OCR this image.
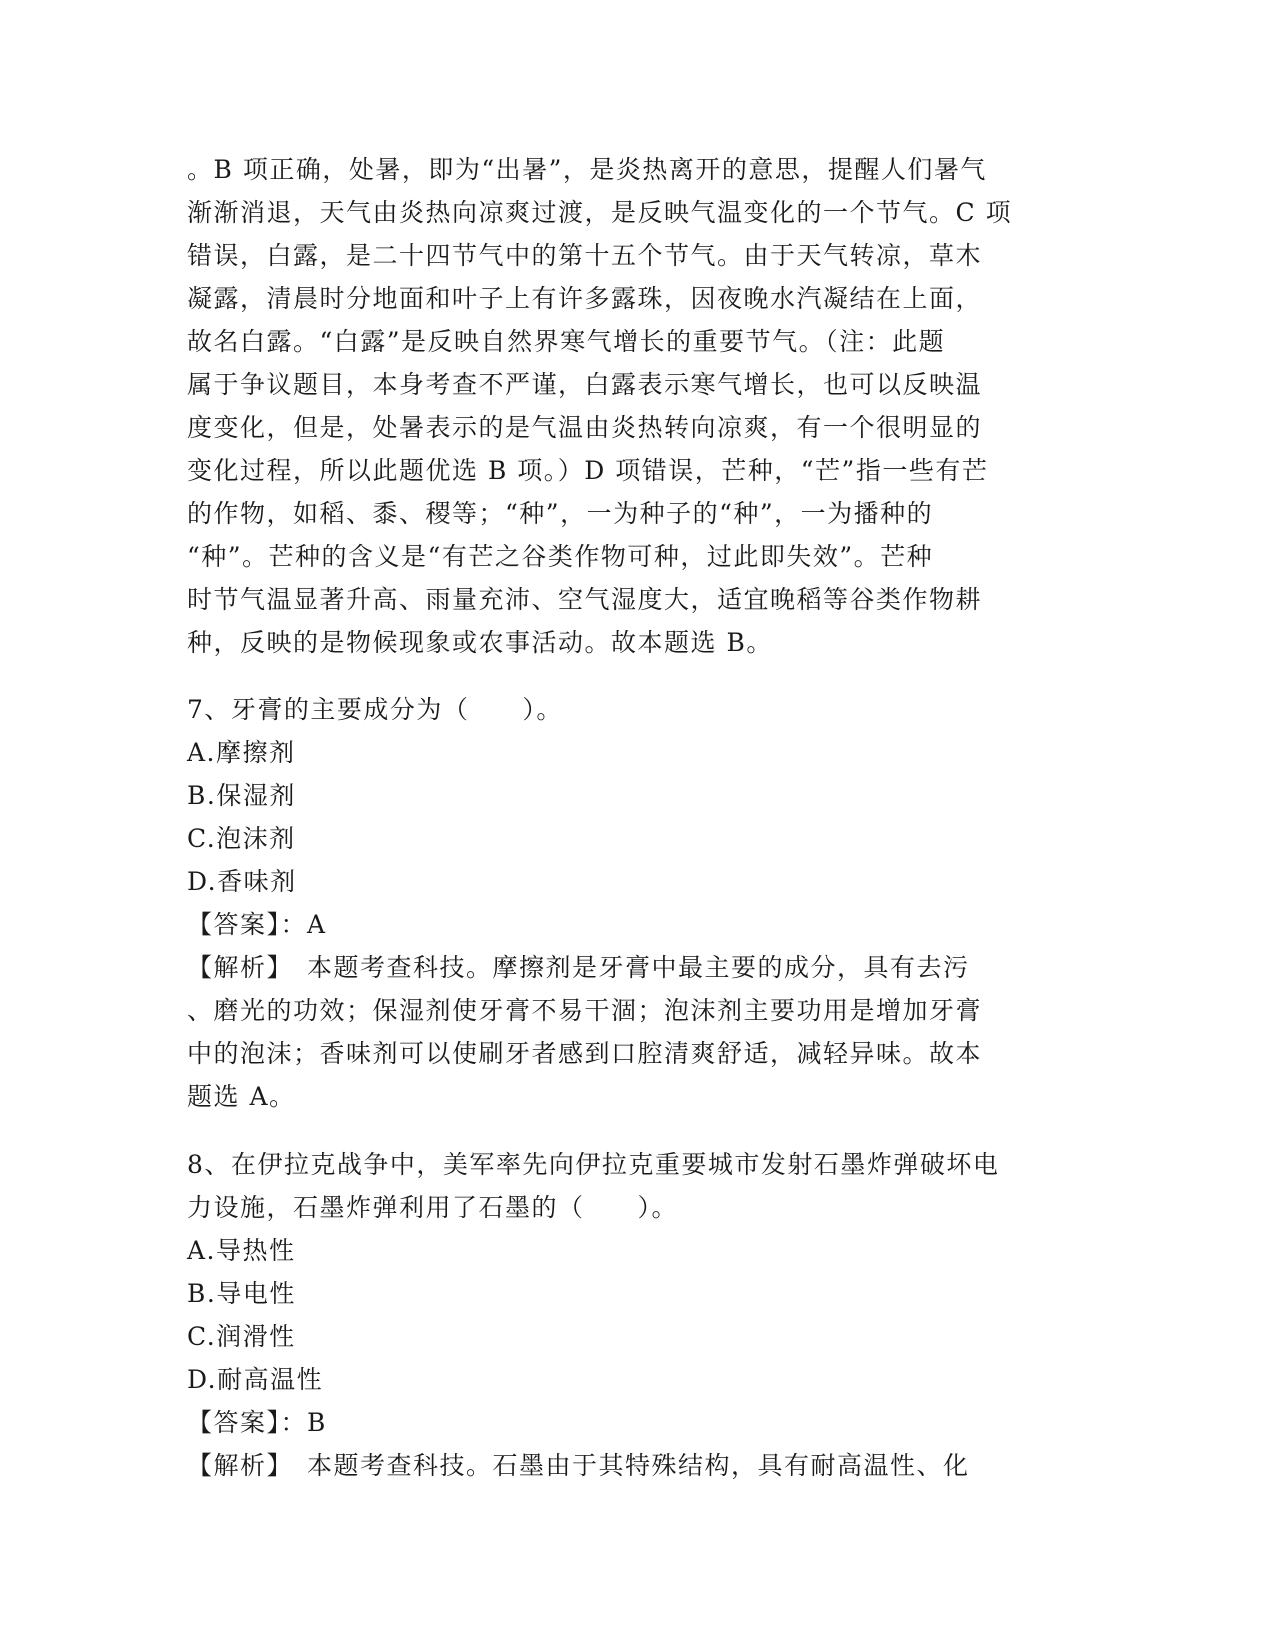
。B 项正确，处暑，即为“出暑”，是炎热离开的意思，提醒人们暑气
渐渐消退，天气由炎热向凉爽过渡，是反映气温变化的一个节气。C 项
错误，白露，是二十四节气中的第十五个节气。由于天气转凉，草木
凝露，清晨时分地面和叶子上有许多露珠，因夜晚水汽凝结在上面，
故名白露。“白露”是反映自然界寒气增长的重要节气。（注：此题
属于争议题目，本身考查不严谨，白露表示寒气增长，也可以反映温
度变化，但是，处暑表示的是气温由炎热转向凉爽，有一个很明显的
变化过程，所以此题优选 B 项。）D 项错误，芒种，“芒”指一些有芒
的作物，如稻、黍、稷等；“种”，一为种子的“种”，一为播种的
“种”。芒种的含义是“有芒之谷类作物可种，过此即失效”。芒种
时节气温显著升高、雨量充沛、空气湿度大，适宜晚稻等谷类作物耕
种，反映的是物候现象或农事活动。故本题选 B。
7、牙膏的主要成分为（　　）。
A.摩擦剂
B.保湿剂
C.泡沫剂
D.香味剂
【答案】：A
【解析】　本题考查科技。摩擦剂是牙膏中最主要的成分，具有去污
、磨光的功效；保湿剂使牙膏不易干涸；泡沫剂主要功用是增加牙膏
中的泡沫；香味剂可以使刷牙者感到口腔清爽舒适，减轻异味。故本
题选 A。
8、在伊拉克战争中，美军率先向伊拉克重要城市发射石墨炸弹破坏电
力设施，石墨炸弹利用了石墨的（　　）。
A.导热性
B.导电性
C.润滑性
D.耐高温性
【答案】：B
【解析】　本题考查科技。石墨由于其特殊结构，具有耐高温性、化
